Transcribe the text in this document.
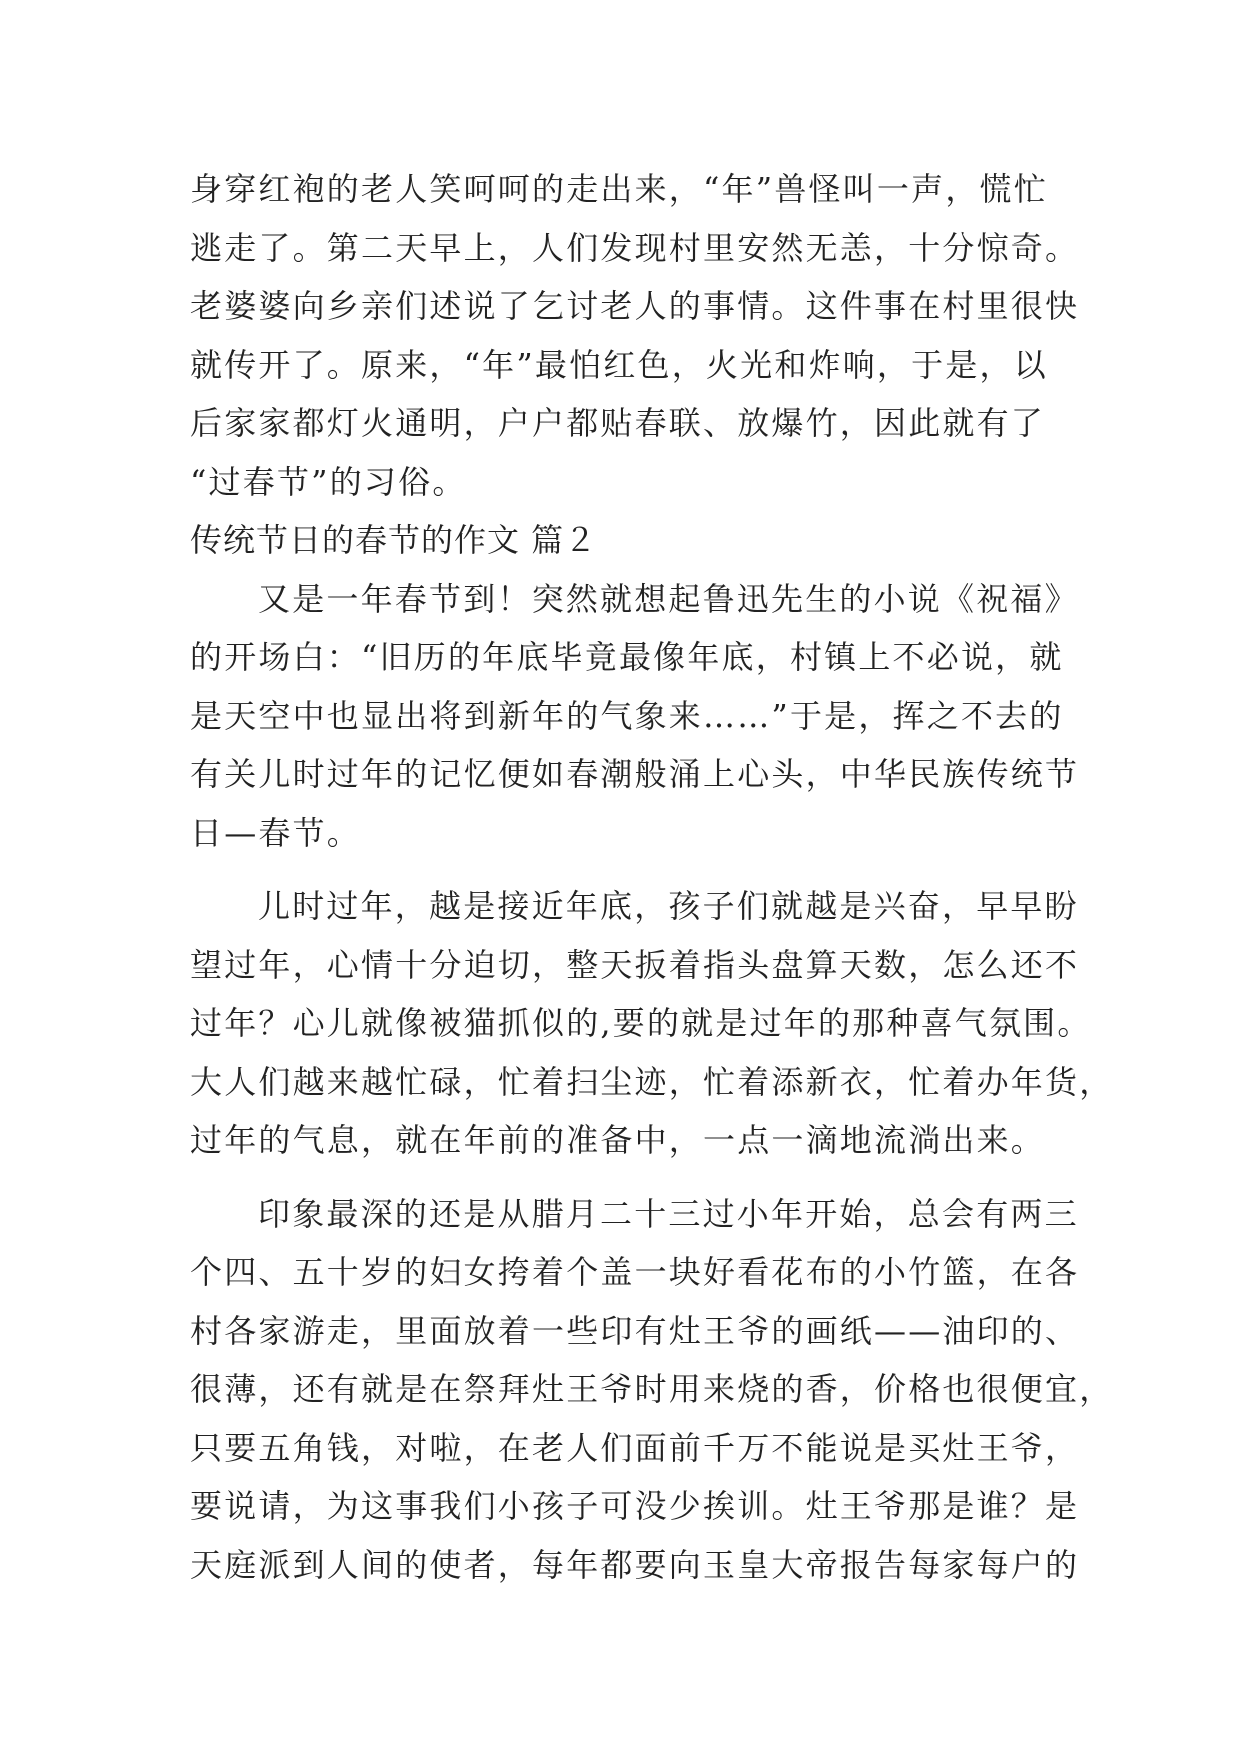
身穿红袍的老人笑呵呵的走出来，“年”兽怪叫一声，慌忙
逃走了。第二天早上，人们发现村里安然无恙，十分惊奇。
老婆婆向乡亲们述说了乞讨老人的事情。这件事在村里很快
就传开了。原来，“年”最怕红色，火光和炸响，于是，以
后家家都灯火通明，户户都贴春联、放爆竹，因此就有了
“过春节”的习俗。
传统节日的春节的作文 篇２
又是一年春节到！突然就想起鲁迅先生的小说《祝福》
的开场白：“旧历的年底毕竟最像年底，村镇上不必说，就
是天空中也显出将到新年的气象来……”于是，挥之不去的
有关儿时过年的记忆便如春潮般涌上心头，中华民族传统节
日—春节。
儿时过年，越是接近年底，孩子们就越是兴奋，早早盼
望过年，心情十分迫切，整天扳着指头盘算天数，怎么还不
过年？心儿就像被猫抓似的,要的就是过年的那种喜气氛围。
大人们越来越忙碌，忙着扫尘迹，忙着添新衣，忙着办年货，
过年的气息，就在年前的准备中，一点一滴地流淌出来。
印象最深的还是从腊月二十三过小年开始，总会有两三
个四、五十岁的妇女挎着个盖一块好看花布的小竹篮，在各
村各家游走，里面放着一些印有灶王爷的画纸——油印的、
很薄，还有就是在祭拜灶王爷时用来烧的香，价格也很便宜，
只要五角钱，对啦，在老人们面前千万不能说是买灶王爷，
要说请，为这事我们小孩子可没少挨训。灶王爷那是谁？是
天庭派到人间的使者，每年都要向玉皇大帝报告每家每户的
